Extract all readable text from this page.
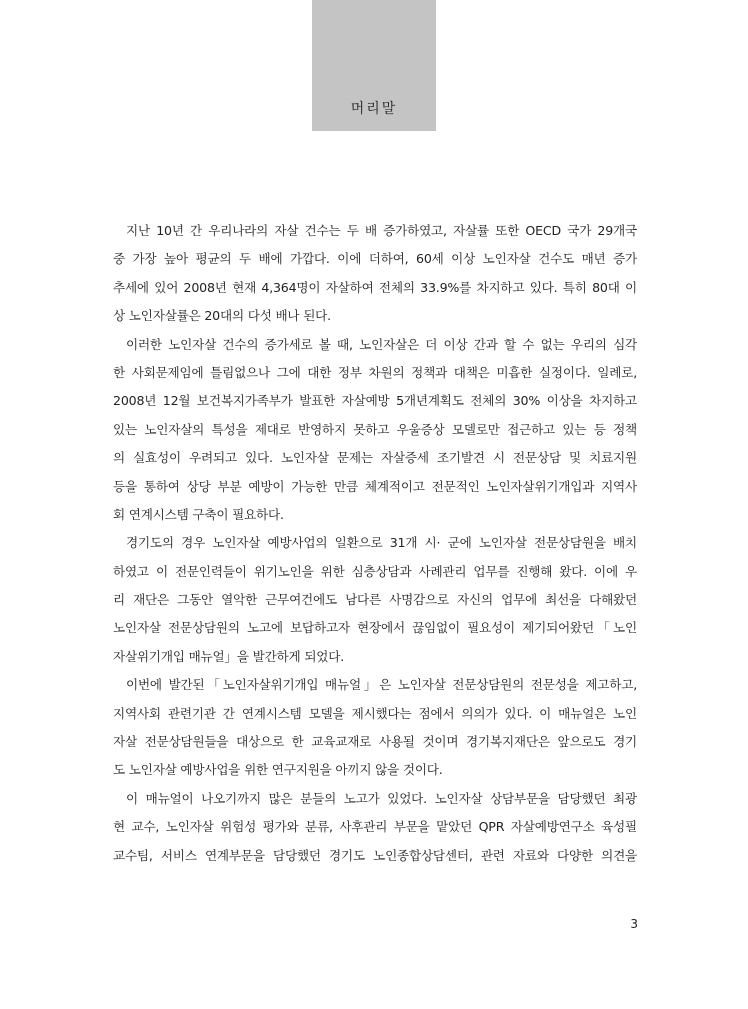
머리말
지난 10년 간 우리나라의 자살 건수는 두 배 증가하였고, 자살률 또한 OECD 국가 29개국
중 가장 높아 평균의 두 배에 가깝다. 이에 더하여, 60세 이상 노인자살 건수도 매년 증가
추세에 있어 2008년 현재 4,364명이 자살하여 전체의 33.9%를 차지하고 있다. 특히 80대 이
상 노인자살률은 20대의 다섯 배나 된다.
이러한 노인자살 건수의 증가세로 볼 때, 노인자살은 더 이상 간과 할 수 없는 우리의 심각
한 사회문제임에 틀림없으나 그에 대한 정부 차원의 정책과 대책은 미흡한 실정이다. 일례로,
2008년 12월 보건복지가족부가 발표한 자살예방 5개년계획도 전체의 30% 이상을 차지하고
있는 노인자살의 특성을 제대로 반영하지 못하고 우울증상 모델로만 접근하고 있는 등 정책
의 실효성이 우려되고 있다. 노인자살 문제는 자살증세 조기발견 시 전문상담 및 치료지원
등을 통하여 상당 부분 예방이 가능한 만큼 체계적이고 전문적인 노인자살위기개입과 지역사
회 연계시스템 구축이 필요하다.
경기도의 경우 노인자살 예방사업의 일환으로 31개 시· 군에 노인자살 전문상담원을 배치
하였고 이 전문인력들이 위기노인을 위한 심층상담과 사례관리 업무를 진행해 왔다. 이에 우
리 재단은 그동안 열악한 근무여건에도 남다른 사명감으로 자신의 업무에 최선을 다해왔던
노인자살 전문상담원의 노고에 보답하고자 현장에서 끊임없이 필요성이 제기되어왔던「노인
자살위기개입 매뉴얼」을 발간하게 되었다.
이번에 발간된「노인자살위기개입 매뉴얼」은 노인자살 전문상담원의 전문성을 제고하고,
지역사회 관련기관 간 연계시스템 모델을 제시했다는 점에서 의의가 있다. 이 매뉴얼은 노인
자살 전문상담원들을 대상으로 한 교육교재로 사용될 것이며 경기복지재단은 앞으로도 경기
도 노인자살 예방사업을 위한 연구지원을 아끼지 않을 것이다.
이 매뉴얼이 나오기까지 많은 분들의 노고가 있었다. 노인자살 상담부문을 담당했던 최광
현 교수, 노인자살 위험성 평가와 분류, 사후관리 부문을 맡았던 QPR 자살예방연구소 육성필
교수팀, 서비스 연계부문을 담당했던 경기도 노인종합상담센터, 관련 자료와 다양한 의견을
3
